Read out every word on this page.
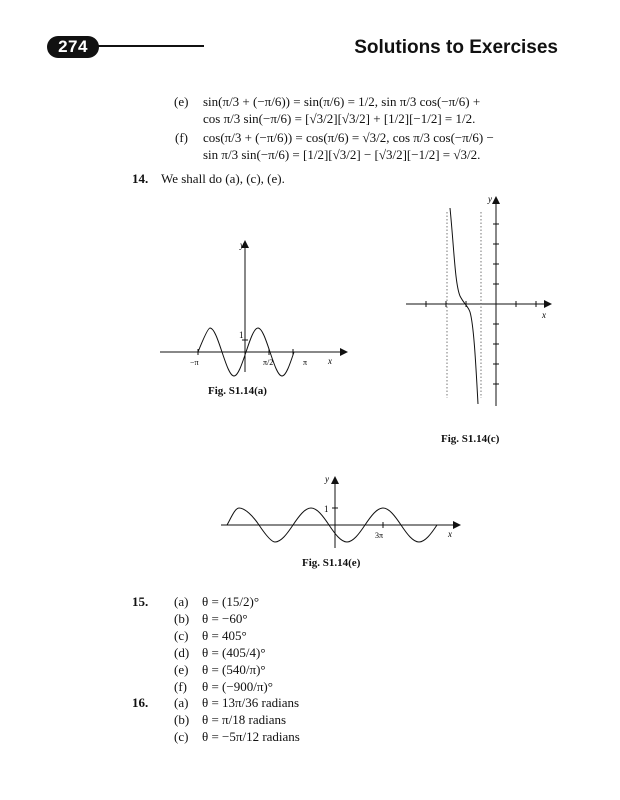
274	Solutions to Exercises
(e) sin(π/3 + (−π/6)) = sin(π/6) = 1/2, sin π/3 cos(−π/6) +
cos π/3 sin(−π/6) = [√3/2][√3/2] + [1/2][−1/2] = 1/2.
(f) cos(π/3 + (−π/6)) = cos(π/6) = √3/2, cos π/3 cos(−π/6) −
sin π/3 sin(−π/6) = [1/2][√3/2] − [√3/2][−1/2] = √3/2.
14. We shall do (a), (c), (e).
y
x
1
−π	π/2	π
Fig. S1.14(a)
y
x
Fig. S1.14(c)
y
x
1
3π
Fig. S1.14(e)
15. (a) θ = (15/2)°
(b) θ = −60°
(c) θ = 405°
(d) θ = (405/4)°
(e) θ = (540/π)°
(f) θ = (−900/π)°
16. (a) θ = 13π/36 radians
(b) θ = π/18 radians
(c) θ = −5π/12 radians
